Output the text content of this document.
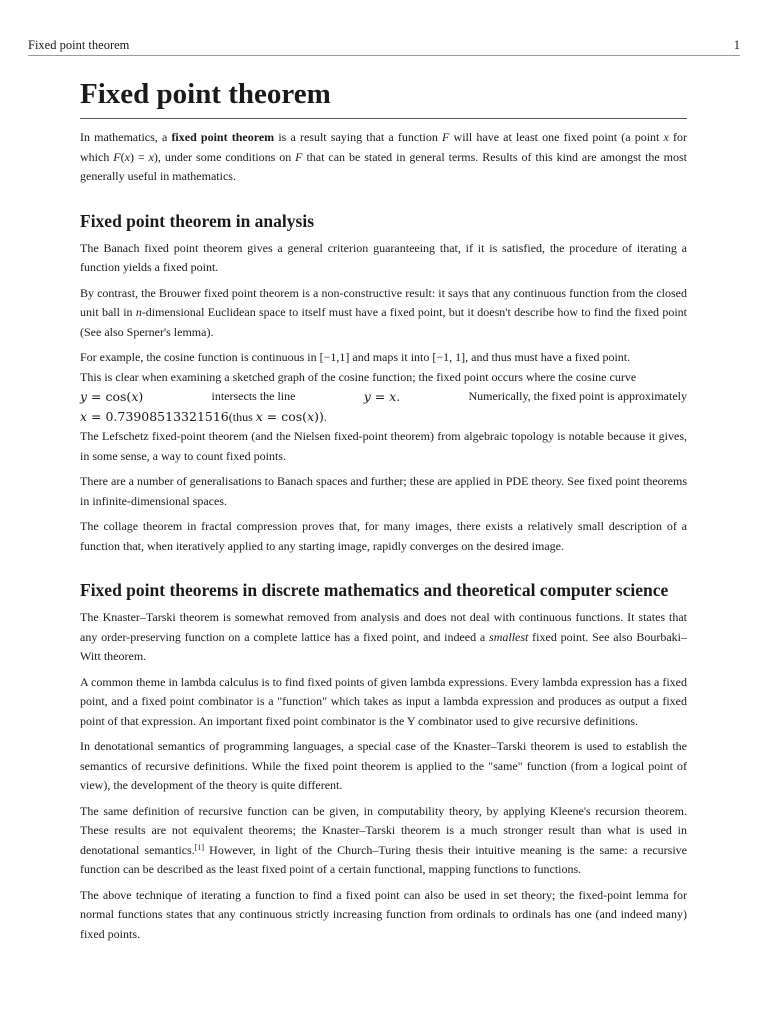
Fixed point theorem	1
Fixed point theorem

In mathematics, a fixed point theorem is a result saying that a function F will have at least one fixed point (a point x for which F(x) = x), under some conditions on F that can be stated in general terms. Results of this kind are amongst the most generally useful in mathematics.

Fixed point theorem in analysis

The Banach fixed point theorem gives a general criterion guaranteeing that, if it is satisfied, the procedure of iterating a function yields a fixed point.

By contrast, the Brouwer fixed point theorem is a non-constructive result: it says that any continuous function from the closed unit ball in n-dimensional Euclidean space to itself must have a fixed point, but it doesn't describe how to find the fixed point (See also Sperner's lemma).

For example, the cosine function is continuous in [−1,1] and maps it into [−1, 1], and thus must have a fixed point.
This is clear when examining a sketched graph of the cosine function; the fixed point occurs where the cosine curve
y = cos(x)	intersects the line	y = x.	Numerically, the fixed point is approximately
x = 0.73908513321516(thus x = cos(x)).

The Lefschetz fixed-point theorem (and the Nielsen fixed-point theorem) from algebraic topology is notable because it gives, in some sense, a way to count fixed points.

There are a number of generalisations to Banach spaces and further; these are applied in PDE theory. See fixed point theorems in infinite-dimensional spaces.

The collage theorem in fractal compression proves that, for many images, there exists a relatively small description of a function that, when iteratively applied to any starting image, rapidly converges on the desired image.

Fixed point theorems in discrete mathematics and theoretical computer science

The Knaster–Tarski theorem is somewhat removed from analysis and does not deal with continuous functions. It states that any order-preserving function on a complete lattice has a fixed point, and indeed a smallest fixed point. See also Bourbaki–Witt theorem.

A common theme in lambda calculus is to find fixed points of given lambda expressions. Every lambda expression has a fixed point, and a fixed point combinator is a "function" which takes as input a lambda expression and produces as output a fixed point of that expression. An important fixed point combinator is the Y combinator used to give recursive definitions.

In denotational semantics of programming languages, a special case of the Knaster–Tarski theorem is used to establish the semantics of recursive definitions. While the fixed point theorem is applied to the "same" function (from a logical point of view), the development of the theory is quite different.

The same definition of recursive function can be given, in computability theory, by applying Kleene's recursion theorem. These results are not equivalent theorems; the Knaster–Tarski theorem is a much stronger result than what is used in denotational semantics.[1] However, in light of the Church–Turing thesis their intuitive meaning is the same: a recursive function can be described as the least fixed point of a certain functional, mapping functions to functions.

The above technique of iterating a function to find a fixed point can also be used in set theory; the fixed-point lemma for normal functions states that any continuous strictly increasing function from ordinals to ordinals has one (and indeed many) fixed points.
